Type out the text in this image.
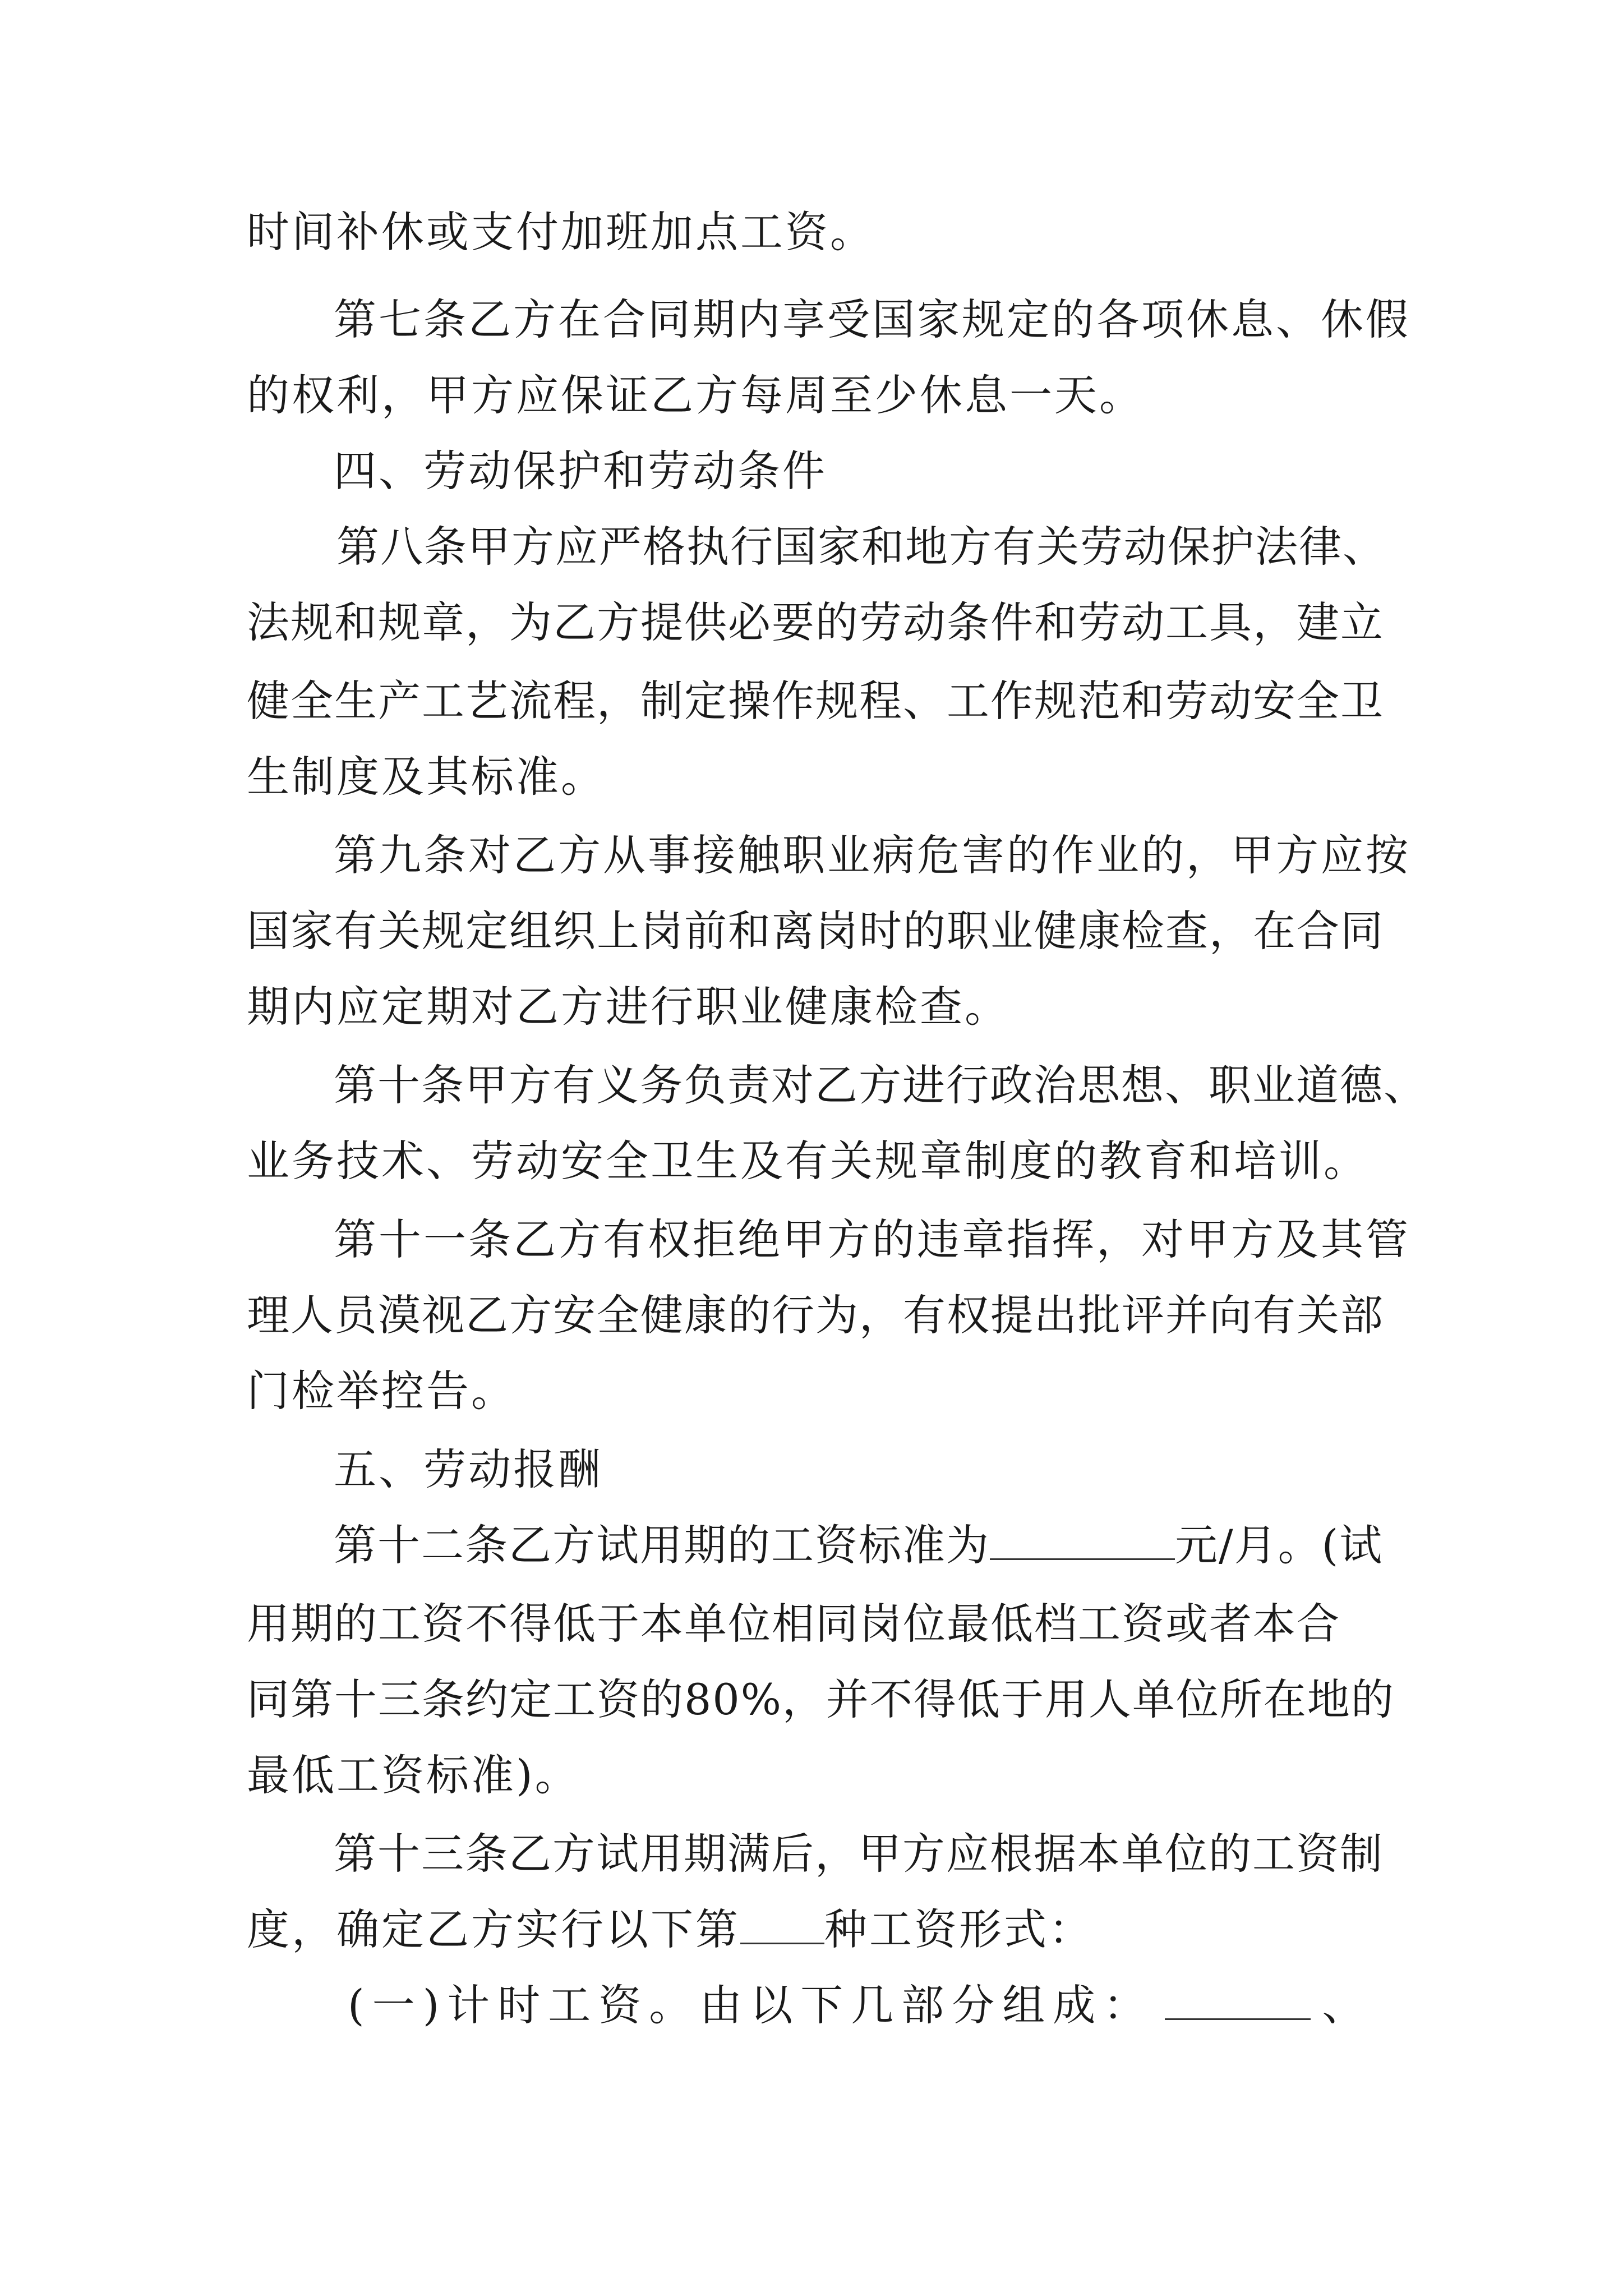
时间补休或支付加班加点工资。
第七条乙方在合同期内享受国家规定的各项休息、休假
的权利，甲方应保证乙方每周至少休息一天。
四、劳动保护和劳动条件
第八条甲方应严格执行国家和地方有关劳动保护法律、
法规和规章，为乙方提供必要的劳动条件和劳动工具，建立
健全生产工艺流程，制定操作规程、工作规范和劳动安全卫
生制度及其标准。
第九条对乙方从事接触职业病危害的作业的，甲方应按
国家有关规定组织上岗前和离岗时的职业健康检查，在合同
期内应定期对乙方进行职业健康检查。
第十条甲方有义务负责对乙方进行政治思想、职业道德、
业务技术、劳动安全卫生及有关规章制度的教育和培训。
第十一条乙方有权拒绝甲方的违章指挥，对甲方及其管
理人员漠视乙方安全健康的行为，有权提出批评并向有关部
门检举控告。
五、劳动报酬
第十二条乙方试用期的工资标准为	元/月。(试
用期的工资不得低于本单位相同岗位最低档工资或者本合
同第十三条约定工资的80%，并不得低于用人单位所在地的
最低工资标准)。
第十三条乙方试用期满后，甲方应根据本单位的工资制
度，确定乙方实行以下第 种工资形式：
(一)计时工资。由以下几部分组成：	、
